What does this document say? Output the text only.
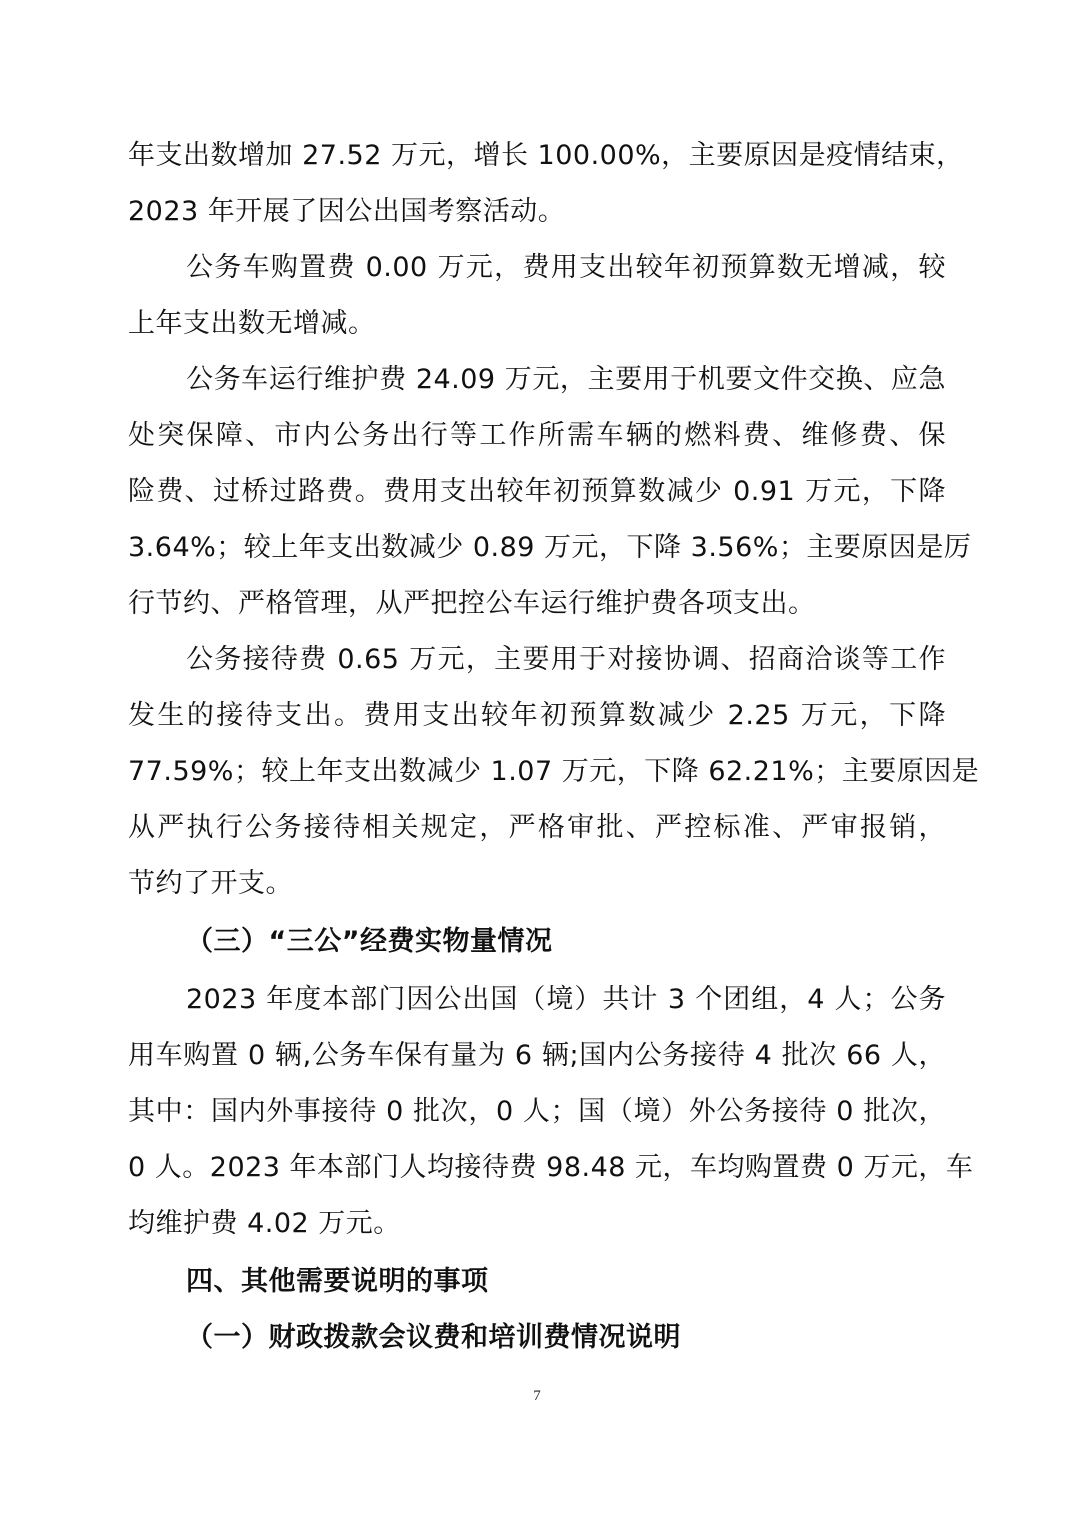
年支出数增加 27.52 万元，增长 100.00%，主要原因是疫情结束，
2023 年开展了因公出国考察活动。
公务车购置费 0.00 万元，费用支出较年初预算数无增减，较
上年支出数无增减。
公务车运行维护费 24.09 万元，主要用于机要文件交换、应急
处突保障、市内公务出行等工作所需车辆的燃料费、维修费、保
险费、过桥过路费。费用支出较年初预算数减少 0.91 万元，下降
3.64%；较上年支出数减少 0.89 万元，下降 3.56%；主要原因是厉
行节约、严格管理，从严把控公车运行维护费各项支出。
公务接待费 0.65 万元，主要用于对接协调、招商洽谈等工作
发生的接待支出。费用支出较年初预算数减少 2.25 万元，下降
77.59%；较上年支出数减少 1.07 万元，下降 62.21%；主要原因是
从严执行公务接待相关规定，严格审批、严控标准、严审报销，
节约了开支。
（三）“三公”经费实物量情况
2023 年度本部门因公出国（境）共计 3 个团组，4 人；公务
用车购置 0 辆,公务车保有量为 6 辆;国内公务接待 4 批次 66 人，
其中：国内外事接待 0 批次，0 人；国（境）外公务接待 0 批次，
0 人。2023 年本部门人均接待费 98.48 元，车均购置费 0 万元，车
均维护费 4.02 万元。
四、其他需要说明的事项
（一）财政拨款会议费和培训费情况说明
7
